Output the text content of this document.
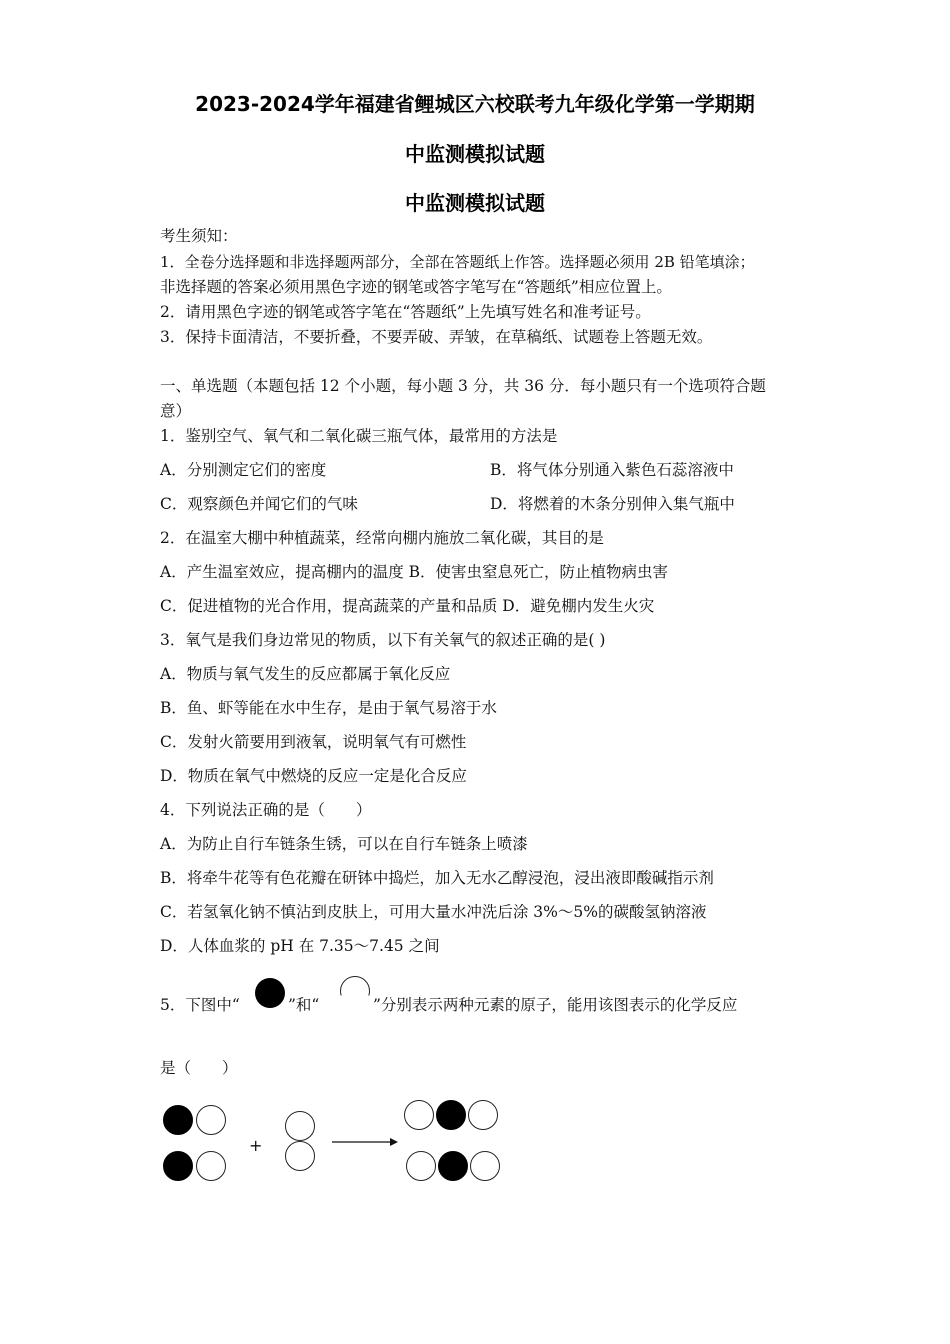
2023-2024学年福建省鲤城区六校联考九年级化学第一学期期
中监测模拟试题
中监测模拟试题
考生须知：
1．全卷分选择题和非选择题两部分，全部在答题纸上作答。选择题必须用 2B 铅笔填涂；
非选择题的答案必须用黑色字迹的钢笔或答字笔写在“答题纸”相应位置上。
2．请用黑色字迹的钢笔或答字笔在“答题纸”上先填写姓名和准考证号。
3．保持卡面清洁，不要折叠，不要弄破、弄皱，在草稿纸、试题卷上答题无效。
一、单选题（本题包括 12 个小题，每小题 3 分，共 36 分．每小题只有一个选项符合题
意）
1．鉴别空气、氧气和二氧化碳三瓶气体，最常用的方法是
A．分别测定它们的密度	B．将气体分别通入紫色石蕊溶液中
C．观察颜色并闻它们的气味	D．将燃着的木条分别伸入集气瓶中
2．在温室大棚中种植蔬菜，经常向棚内施放二氧化碳，其目的是
A．产生温室效应，提高棚内的温度 B．使害虫窒息死亡，防止植物病虫害
C．促进植物的光合作用，提高蔬菜的产量和品质 D．避免棚内发生火灾
3．氧气是我们身边常见的物质，以下有关氧气的叙述正确的是( )
A．物质与氧气发生的反应都属于氧化反应
B．鱼、虾等能在水中生存，是由于氧气易溶于水
C．发射火箭要用到液氧，说明氧气有可燃性
D．物质在氧气中燃烧的反应一定是化合反应
4．下列说法正确的是（　　）
A．为防止自行车链条生锈，可以在自行车链条上喷漆
B．将牵牛花等有色花瓣在研钵中捣烂，加入无水乙醇浸泡，浸出液即酸碱指示剂
C．若氢氧化钠不慎沾到皮肤上，可用大量水冲洗后涂 3%～5%的碳酸氢钠溶液
D．人体血浆的 pH 在 7.35～7.45 之间
5．下图中“	”和“	”分别表示两种元素的原子，能用该图表示的化学反应
是（　　）
+
